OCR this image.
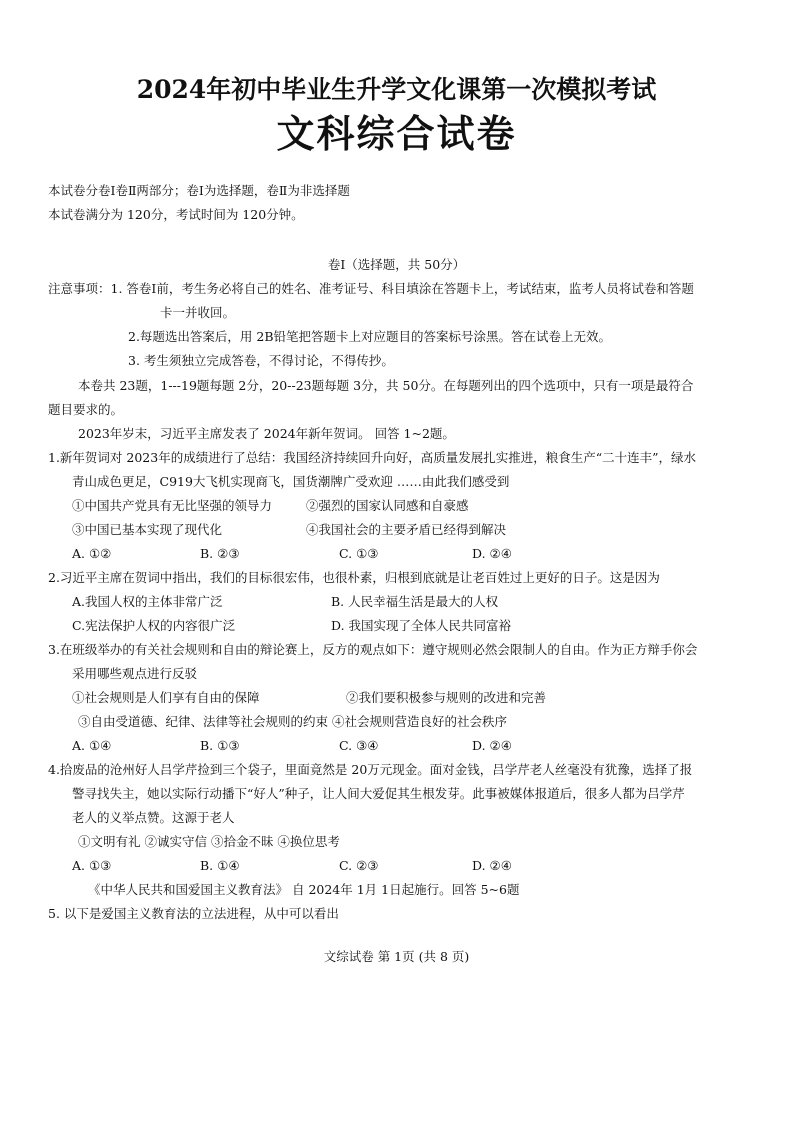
2024年初中毕业生升学文化课第一次模拟考试
文科综合试卷
本试卷分卷Ⅰ卷Ⅱ两部分；卷Ⅰ为选择题，卷Ⅱ为非选择题
本试卷满分为 120分，考试时间为 120分钟。
卷Ⅰ（选择题，共 50分）
注意事项：1. 答卷Ⅰ前，考生务必将自己的姓名、准考证号、科目填涂在答题卡上，考试结束，监考人员将试卷和答题
卡一并收回。
2.每题选出答案后，用 2B铅笔把答题卡上对应题目的答案标号涂黑。答在试卷上无效。
3. 考生须独立完成答卷，不得讨论，不得传抄。
本卷共 23题，1---19题每题 2分，20--23题每题 3分，共 50分。在每题列出的四个选项中，只有一项是最符合
题目要求的。
2023年岁末，习近平主席发表了 2024年新年贺词。 回答 1~2题。
1.新年贺词对 2023年的成绩进行了总结：我国经济持续回升向好，高质量发展扎实推进，粮食生产“二十连丰”，绿水
青山成色更足，C919大飞机实现商飞，国货潮牌广受欢迎 ……由此我们感受到
①中国共产党具有无比坚强的领导力	②强烈的国家认同感和自豪感
③中国已基本实现了现代化	④我国社会的主要矛盾已经得到解决
A. ①②	B. ②③	C. ①③	D. ②④
2.习近平主席在贺词中指出，我们的目标很宏伟，也很朴素，归根到底就是让老百姓过上更好的日子。这是因为
A.我国人权的主体非常广泛	B. 人民幸福生活是最大的人权
C.宪法保护人权的内容很广泛	D. 我国实现了全体人民共同富裕
3.在班级举办的有关社会规则和自由的辩论赛上，反方的观点如下：遵守规则必然会限制人的自由。作为正方辩手你会
采用哪些观点进行反驳
①社会规则是人们享有自由的保障	②我们要积极参与规则的改进和完善
③自由受道德、纪律、法律等社会规则的约束 ④社会规则营造良好的社会秩序
A. ①④	B. ①③	C. ③④	D. ②④
4.拾废品的沧州好人吕学芹捡到三个袋子，里面竟然是 20万元现金。面对金钱，吕学芹老人丝毫没有犹豫，选择了报
警寻找失主，她以实际行动播下“好人”种子，让人间大爱促其生根发芽。此事被媒体报道后，很多人都为吕学芹
老人的义举点赞。这源于老人
①文明有礼 ②诚实守信 ③拾金不昧 ④换位思考
A. ①③	B. ①④	C. ②③	D. ②④
《中华人民共和国爱国主义教育法》 自 2024年 1月 1日起施行。回答 5~6题
5. 以下是爱国主义教育法的立法进程，从中可以看出
文综试卷 第 1页 (共 8 页)
